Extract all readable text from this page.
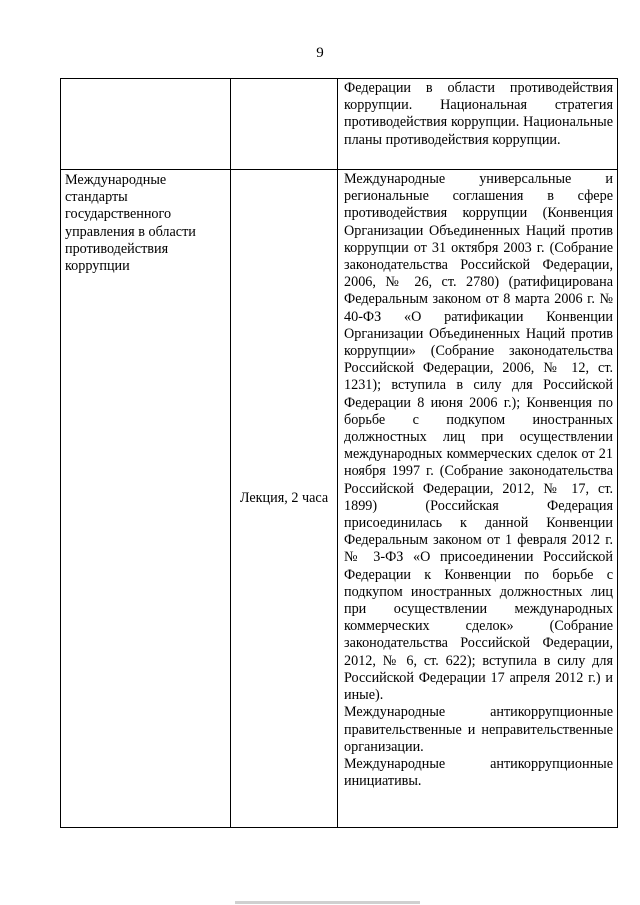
9

		Федерации в области противодействия коррупции. Национальная стратегия противодействия коррупции. Национальные планы противодействия коррупции.

Международные стандарты государственного управления в области противодействия коррупции	Лекция, 2 часа	Международные универсальные и региональные соглашения в сфере противодействия коррупции (Конвенция Организации Объединенных Наций против коррупции от 31 октября 2003 г. (Собрание законодательства Российской Федерации, 2006, № 26, ст. 2780) (ратифицирована Федеральным законом от 8 марта 2006 г. № 40-ФЗ «О ратификации Конвенции Организации Объединенных Наций против коррупции» (Собрание законодательства Российской Федерации, 2006, № 12, ст. 1231); вступила в силу для Российской Федерации 8 июня 2006 г.); Конвенция по борьбе с подкупом иностранных должностных лиц при осуществлении международных коммерческих сделок от 21 ноября 1997 г. (Собрание законодательства Российской Федерации, 2012, № 17, ст. 1899) (Российская Федерация присоединилась к данной Конвенции Федеральным законом от 1 февраля 2012 г. № 3-ФЗ «О присоединении Российской Федерации к Конвенции по борьбе с подкупом иностранных должностных лиц при осуществлении международных коммерческих сделок» (Собрание законодательства Российской Федерации, 2012, № 6, ст. 622); вступила в силу для Российской Федерации 17 апреля 2012 г.) и иные).

Международные антикоррупционные правительственные и неправительственные организации.

Международные антикоррупционные инициативы.
